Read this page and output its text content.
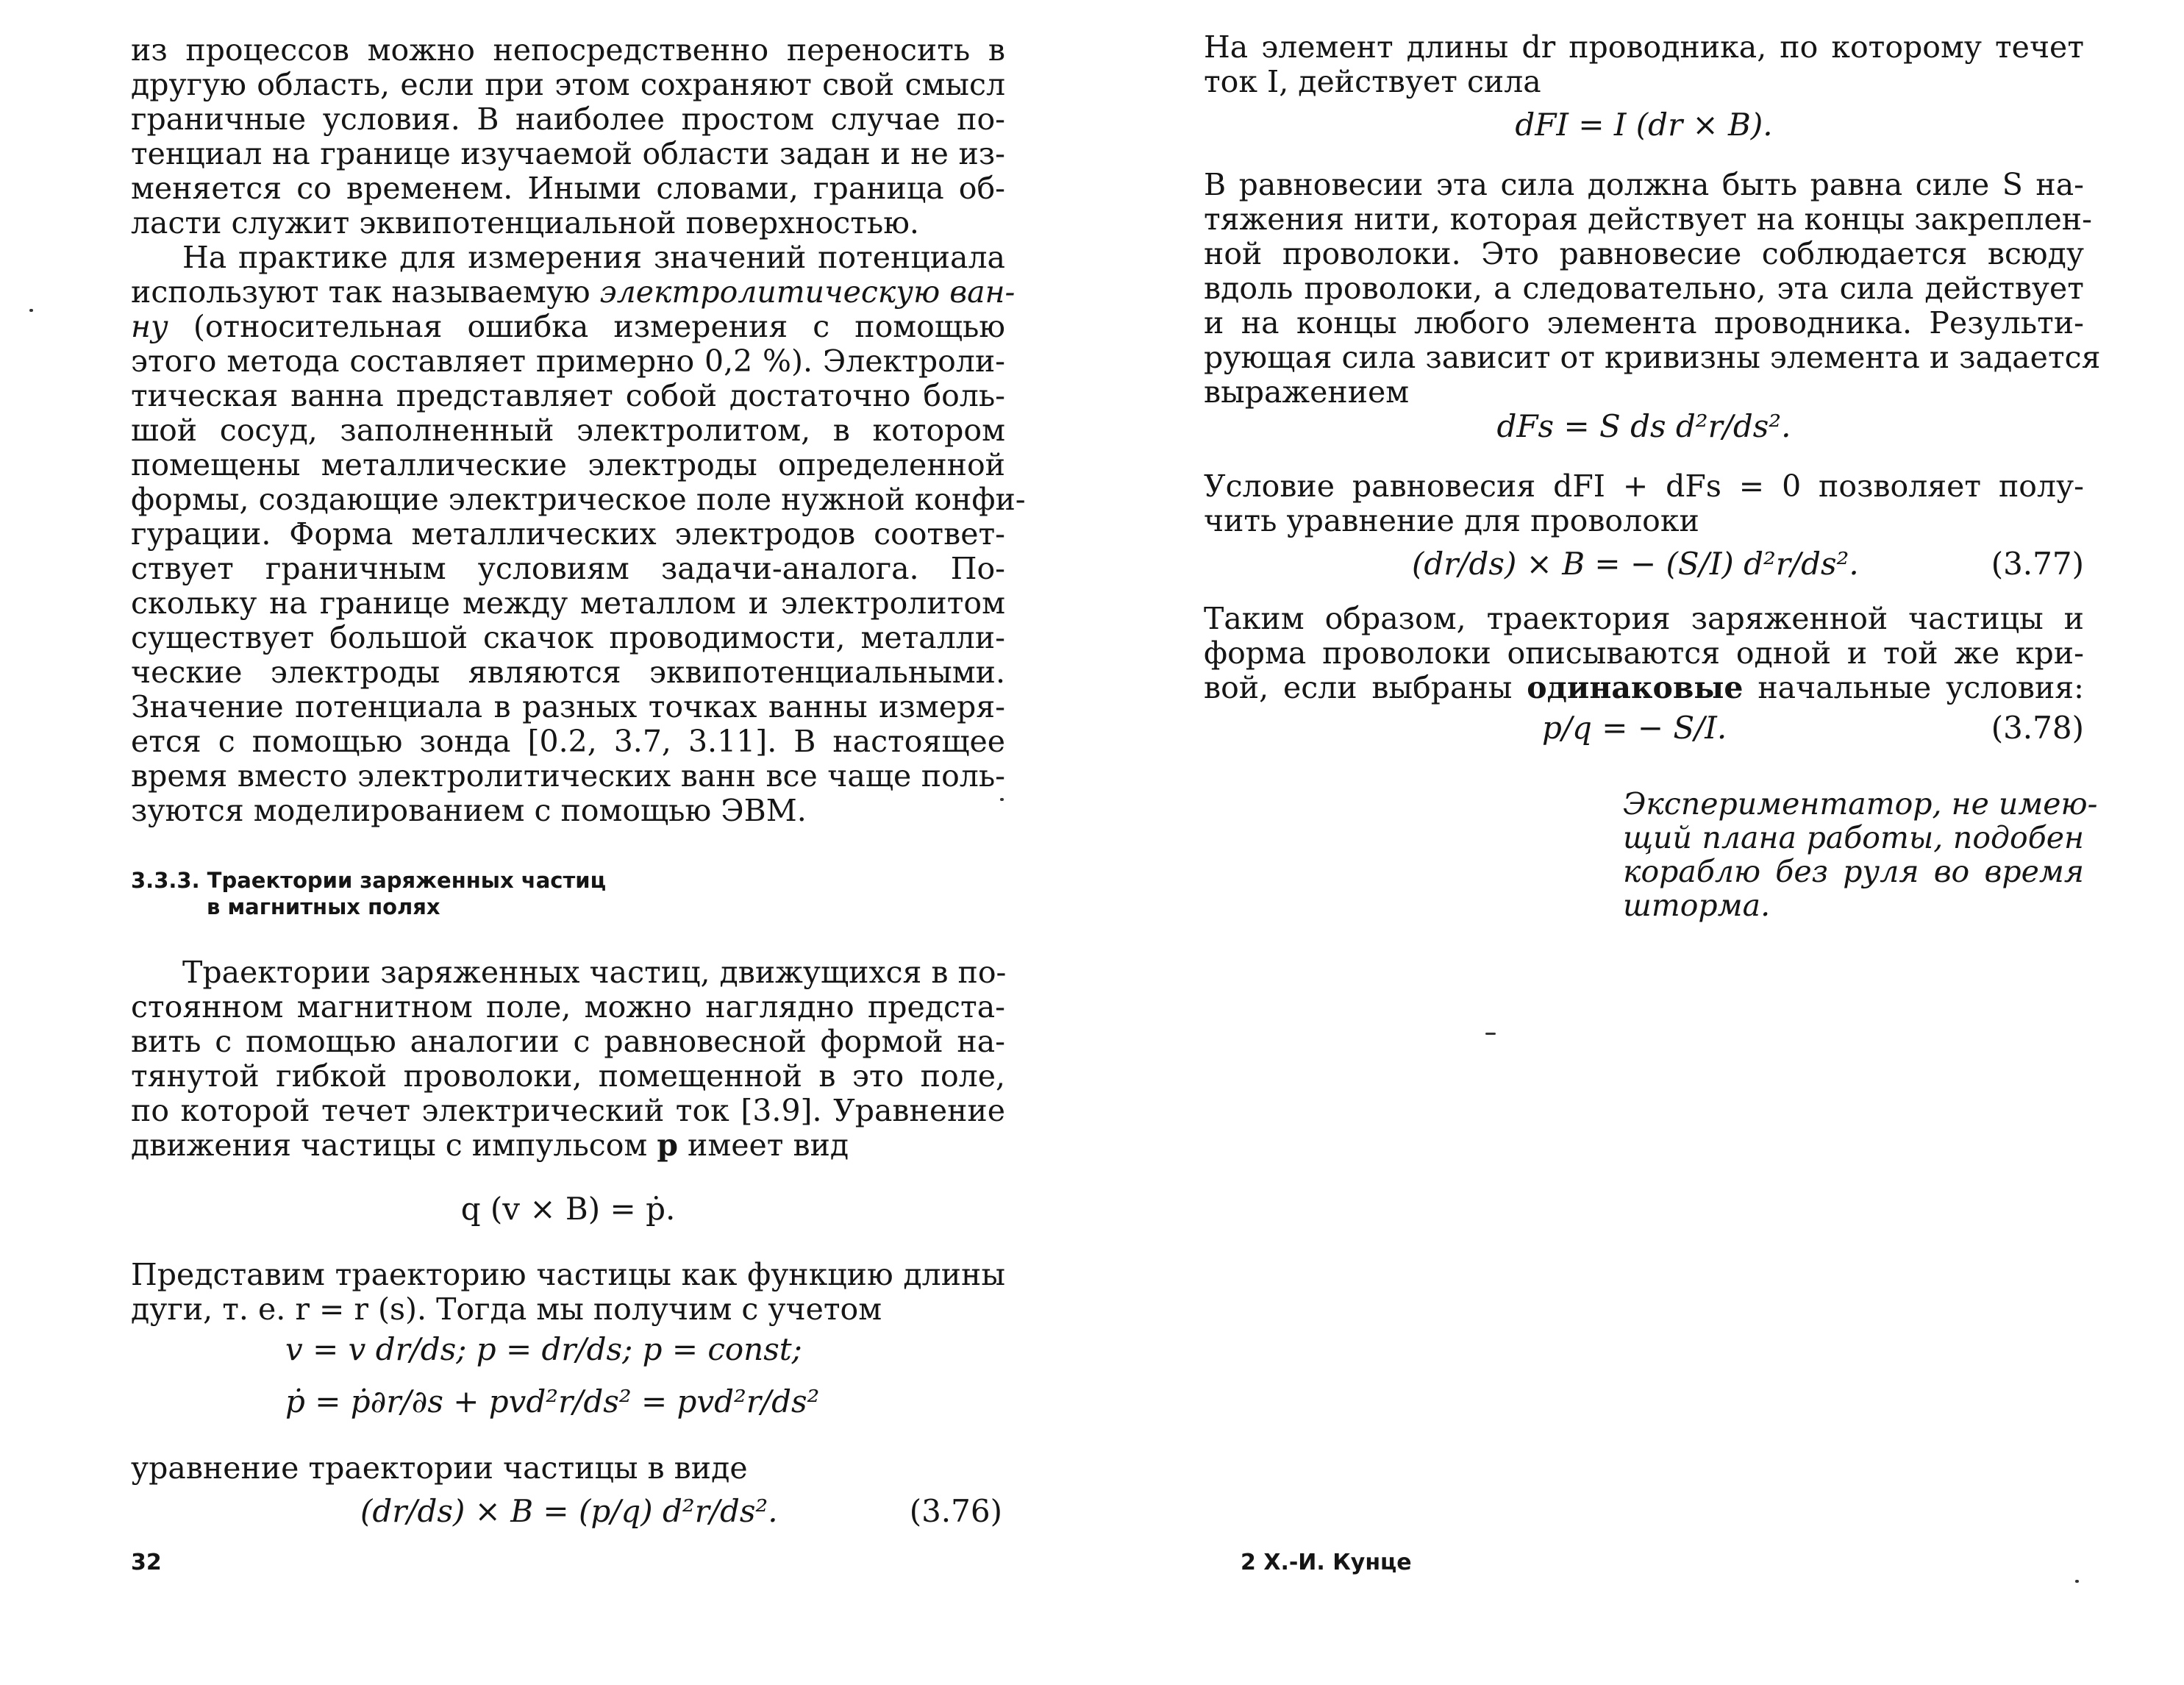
из процессов можно непосредственно переносить в
другую область, если при этом сохраняют свой смысл
граничные условия. В наиболее простом случае по-
тенциал на границе изучаемой области задан и не из-
меняется со временем. Иными словами, граница об-
ласти служит эквипотенциальной поверхностью.
На практике для измерения значений потенциала
используют так называемую электролитическую ван-
ну (относительная ошибка измерения с помощью
этого метода составляет примерно 0,2 %). Электроли-
тическая ванна представляет собой достаточно боль-
шой сосуд, заполненный электролитом, в котором
помещены металлические электроды определенной
формы, создающие электрическое поле нужной конфи-
гурации. Форма металлических электродов соответ-
ствует граничным условиям задачи-аналога. По-
скольку на границе между металлом и электролитом
существует большой скачок проводимости, металли-
ческие электроды являются эквипотенциальными.
Значение потенциала в разных точках ванны измеря-
ется с помощью зонда [0.2, 3.7, 3.11]. В настоящее
время вместо электролитических ванн все чаще поль-
зуются моделированием с помощью ЭВМ.
3.3.3. Траектории заряженных частиц
в магнитных полях
Траектории заряженных частиц, движущихся в по-
стоянном магнитном поле, можно наглядно предста-
вить с помощью аналогии с равновесной формой на-
тянутой гибкой проволоки, помещенной в это поле,
по которой течет электрический ток [3.9]. Уравнение
движения частицы с импульсом p имеет вид
q (v × B) = ṗ.
Представим траекторию частицы как функцию длины
дуги, т. е. r = r (s). Тогда мы получим с учетом
v = v dr/ds; p = dr/ds; p = const;
ṗ = ṗ∂r/∂s + pvd²r/ds² = pvd²r/ds²
уравнение траектории частицы в виде
(dr/ds) × B = (p/q) d²r/ds².	(3.76)
32
На элемент длины dr проводника, по которому течет
ток I, действует сила
dFI = I (dr × B).
В равновесии эта сила должна быть равна силе S на-
тяжения нити, которая действует на концы закреплен-
ной проволоки. Это равновесие соблюдается всюду
вдоль проволоки, а следовательно, эта сила действует
и на концы любого элемента проводника. Результи-
рующая сила зависит от кривизны элемента и задается
выражением
dFs = S ds d²r/ds².
Условие равновесия dFI + dFs = 0 позволяет полу-
чить уравнение для проволоки
(dr/ds) × B = − (S/I) d²r/ds².	(3.77)
Таким образом, траектория заряженной частицы и
форма проволоки описываются одной и той же кри-
вой, если выбраны одинаковые начальные условия:
p/q = − S/I.	(3.78)
Экспериментатор, не имею-
щий плана работы, подобен
кораблю без руля во время
шторма.
2 Х.-И. Кунце
